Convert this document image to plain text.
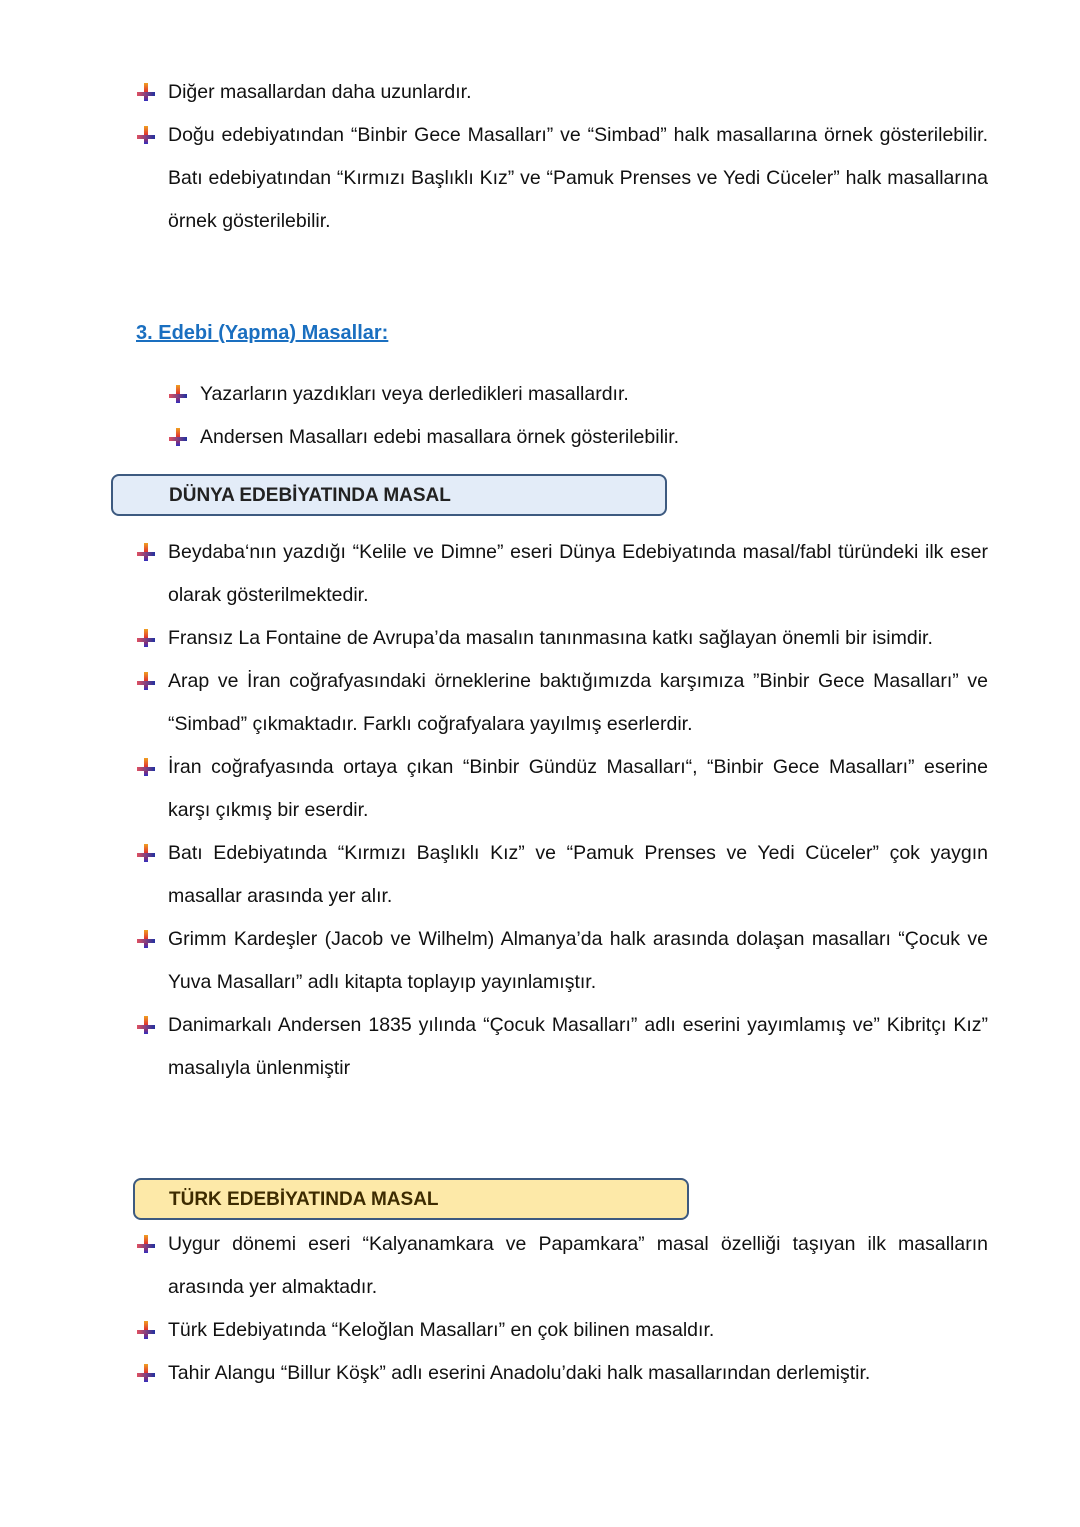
Diğer masallardan daha uzunlardır.
Doğu edebiyatından “Binbir Gece Masalları” ve “Simbad” halk masallarına örnek gösterilebilir. Batı edebiyatından “Kırmızı Başlıklı Kız” ve “Pamuk Prenses ve Yedi Cüceler” halk masallarına örnek gösterilebilir.
3. Edebi (Yapma) Masallar:
Yazarların yazdıkları veya derledikleri masallardır.
Andersen Masalları edebi masallara örnek gösterilebilir.
DÜNYA EDEBİYATINDA MASAL
Beydaba‘nın yazdığı “Kelile ve Dimne” eseri Dünya Edebiyatında masal/fabl türündeki ilk eser olarak gösterilmektedir.
Fransız La Fontaine de Avrupa’da masalın tanınmasına katkı sağlayan önemli bir isimdir.
Arap ve İran coğrafyasındaki örneklerine baktığımızda karşımıza ”Binbir Gece Masalları” ve “Simbad” çıkmaktadır. Farklı coğrafyalara yayılmış eserlerdir.
İran coğrafyasında ortaya çıkan “Binbir Gündüz Masalları“, “Binbir Gece Masalları” eserine karşı çıkmış bir eserdir.
Batı Edebiyatında “Kırmızı Başlıklı Kız” ve “Pamuk Prenses ve Yedi Cüceler” çok yaygın masallar arasında yer alır.
Grimm Kardeşler (Jacob ve Wilhelm) Almanya’da halk arasında dolaşan masalları “Çocuk ve Yuva Masalları” adlı kitapta toplayıp yayınlamıştır.
Danimarkalı Andersen 1835 yılında “Çocuk Masalları” adlı eserini yayımlamış ve” Kibritçı Kız” masalıyla ünlenmiştir
TÜRK EDEBİYATINDA MASAL
Uygur dönemi eseri “Kalyanamkara ve Papamkara” masal özelliği taşıyan ilk masalların arasında yer almaktadır.
Türk Edebiyatında “Keloğlan Masalları” en çok bilinen masaldır.
Tahir Alangu “Billur Köşk” adlı eserini Anadolu’daki halk masallarından derlemiştir.
